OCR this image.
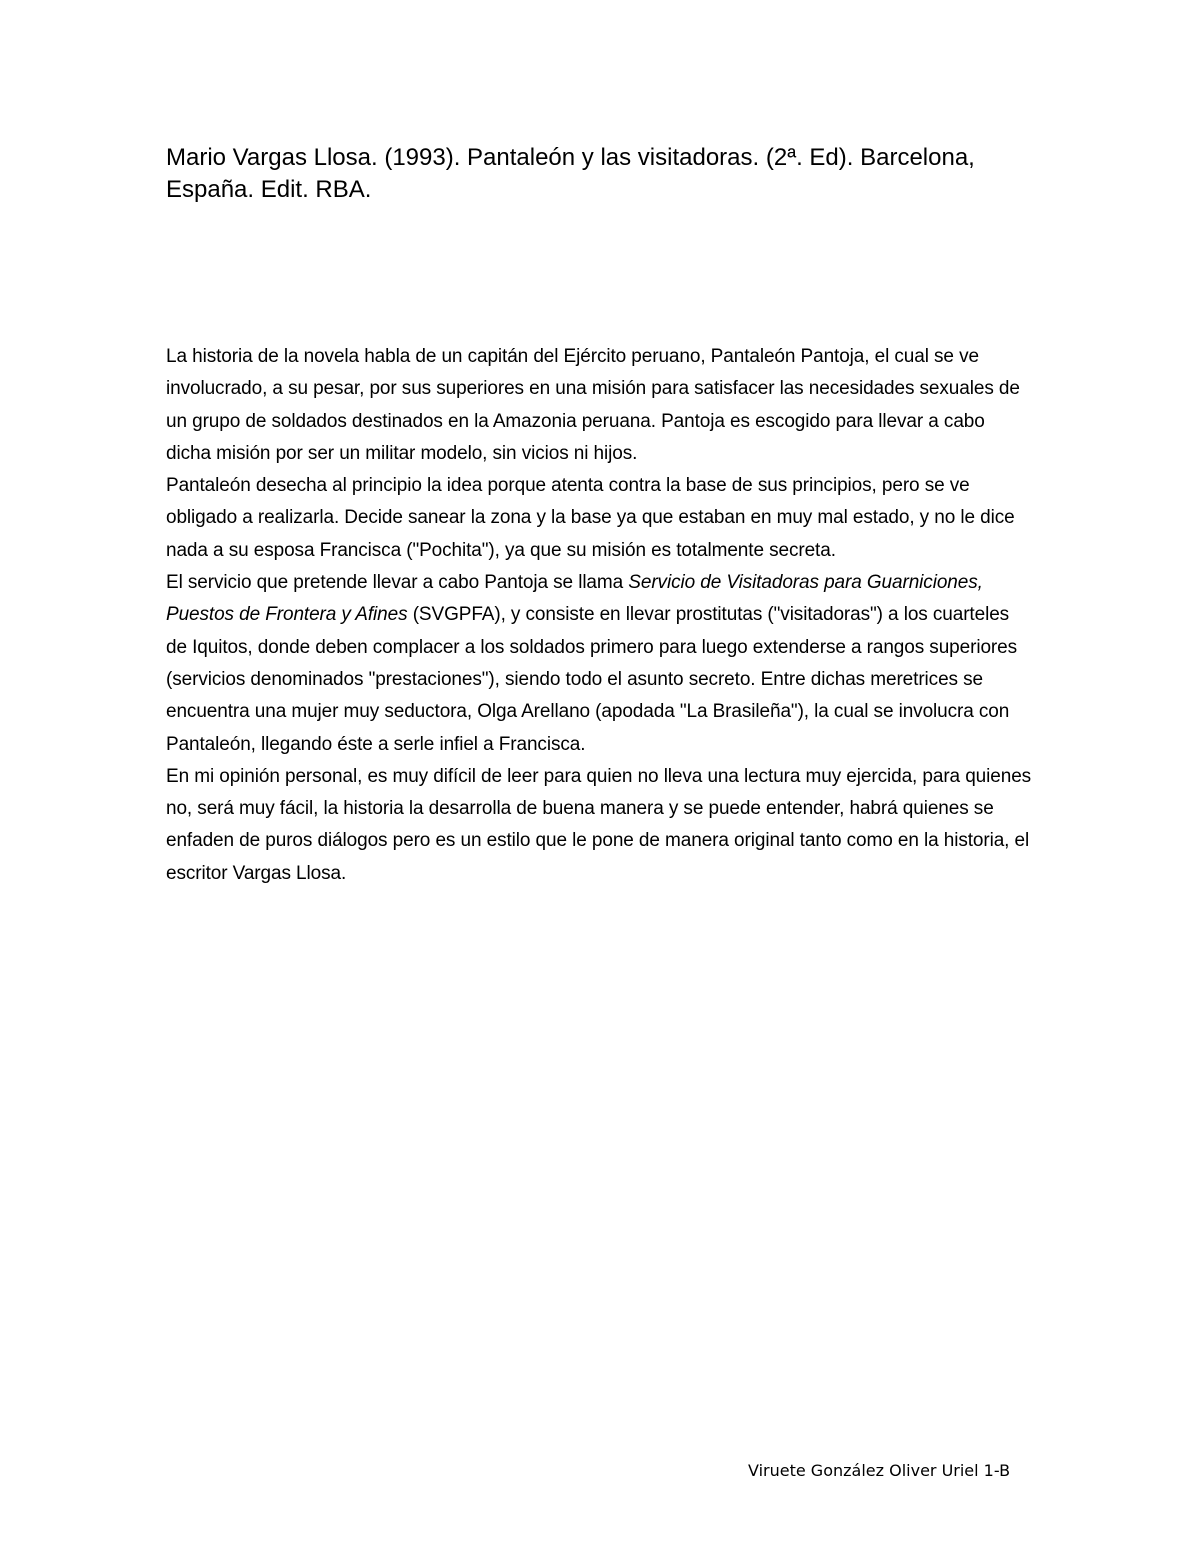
Mario Vargas Llosa. (1993). Pantaleón y las visitadoras. (2ª. Ed). Barcelona, España. Edit. RBA.

La historia de la novela habla de un capitán del Ejército peruano, Pantaleón Pantoja, el cual se ve involucrado, a su pesar, por sus superiores en una misión para satisfacer las necesidades sexuales de un grupo de soldados destinados en la Amazonia peruana. Pantoja es escogido para llevar a cabo dicha misión por ser un militar modelo, sin vicios ni hijos.

Pantaleón desecha al principio la idea porque atenta contra la base de sus principios, pero se ve obligado a realizarla. Decide sanear la zona y la base ya que estaban en muy mal estado, y no le dice nada a su esposa Francisca ("Pochita"), ya que su misión es totalmente secreta.

El servicio que pretende llevar a cabo Pantoja se llama Servicio de Visitadoras para Guarniciones, Puestos de Frontera y Afines (SVGPFA), y consiste en llevar prostitutas ("visitadoras") a los cuarteles de Iquitos, donde deben complacer a los soldados primero para luego extenderse a rangos superiores (servicios denominados "prestaciones"), siendo todo el asunto secreto. Entre dichas meretrices se encuentra una mujer muy seductora, Olga Arellano (apodada "La Brasileña"), la cual se involucra con Pantaleón, llegando éste a serle infiel a Francisca.

En mi opinión personal, es muy difícil de leer para quien no lleva una lectura muy ejercida, para quienes no, será muy fácil, la historia la desarrolla de buena manera y se puede entender, habrá quienes se enfaden de puros diálogos pero es un estilo que le pone de manera original tanto como en la historia, el escritor Vargas Llosa.

Viruete González Oliver Uriel 1-B
